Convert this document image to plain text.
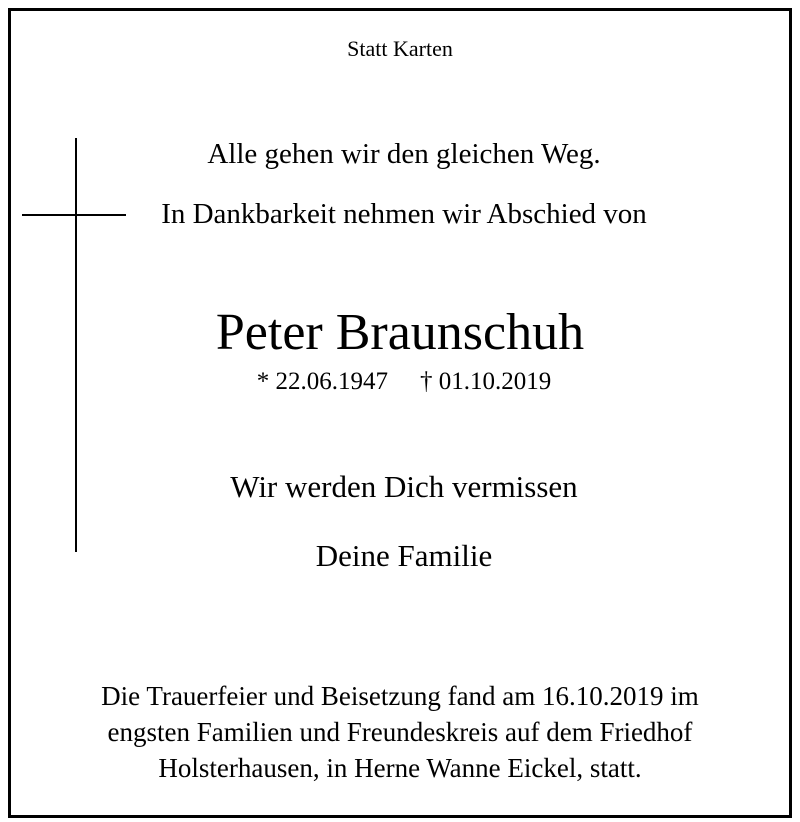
Statt Karten
Alle gehen wir den gleichen Weg.
In Dankbarkeit nehmen wir Abschied von
Peter Braunschuh
* 22.06.1947 † 01.10.2019
Wir werden Dich vermissen
Deine Familie
Die Trauerfeier und Beisetzung fand am 16.10.2019 im
engsten Familien und Freundeskreis auf dem Friedhof
Holsterhausen, in Herne Wanne Eickel, statt.
